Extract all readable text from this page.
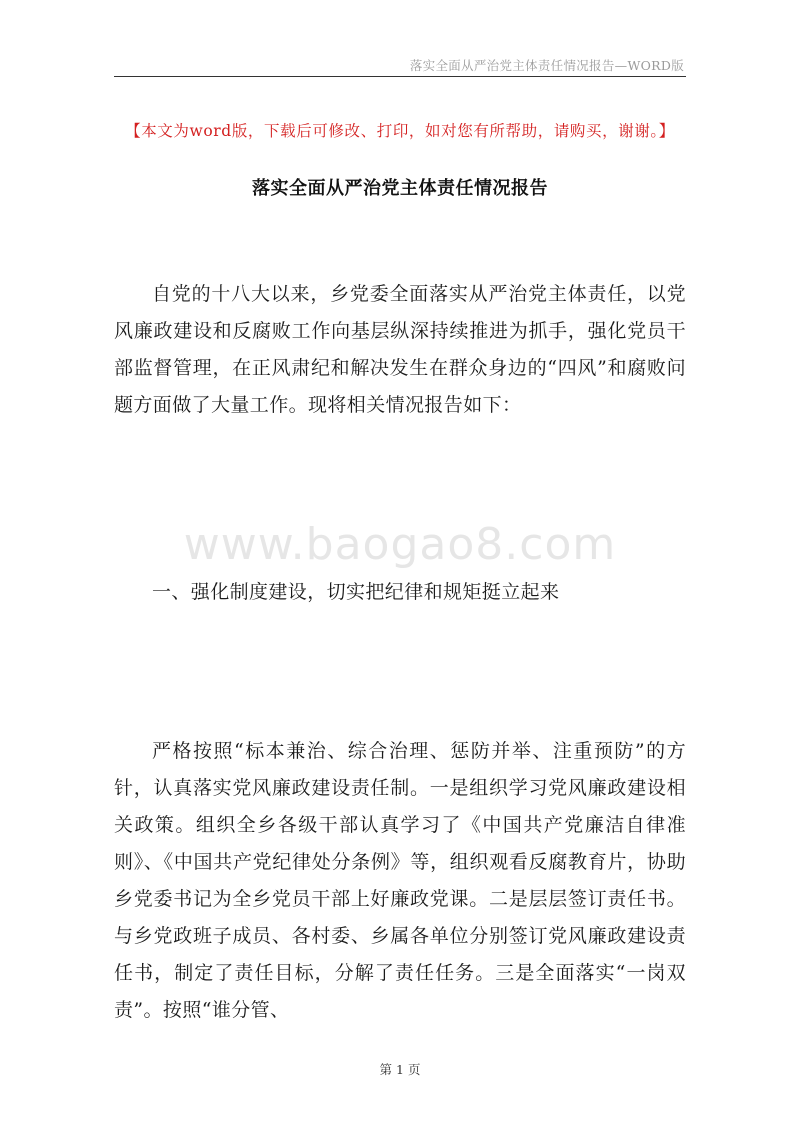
落实全面从严治党主体责任情况报告—WORD版
【本文为word版，下载后可修改、打印，如对您有所帮助，请购买，谢谢。】
落实全面从严治党主体责任情况报告

自党的十八大以来，乡党委全面落实从严治党主体责任，以党风廉政建设和反腐败工作向基层纵深持续推进为抓手，强化党员干部监督管理，在正风肃纪和解决发生在群众身边的“四风”和腐败问题方面做了大量工作。现将相关情况报告如下：

www.baogao8.com

一、强化制度建设，切实把纪律和规矩挺立起来

严格按照“标本兼治、综合治理、惩防并举、注重预防”的方针，认真落实党风廉政建设责任制。一是组织学习党风廉政建设相关政策。组织全乡各级干部认真学习了《中国共产党廉洁自律准则》、《中国共产党纪律处分条例》等，组织观看反腐教育片，协助乡党委书记为全乡党员干部上好廉政党课。二是层层签订责任书。与乡党政班子成员、各村委、乡属各单位分别签订党风廉政建设责任书，制定了责任目标，分解了责任任务。三是全面落实“一岗双责”。按照“谁分管、

第 1 页
